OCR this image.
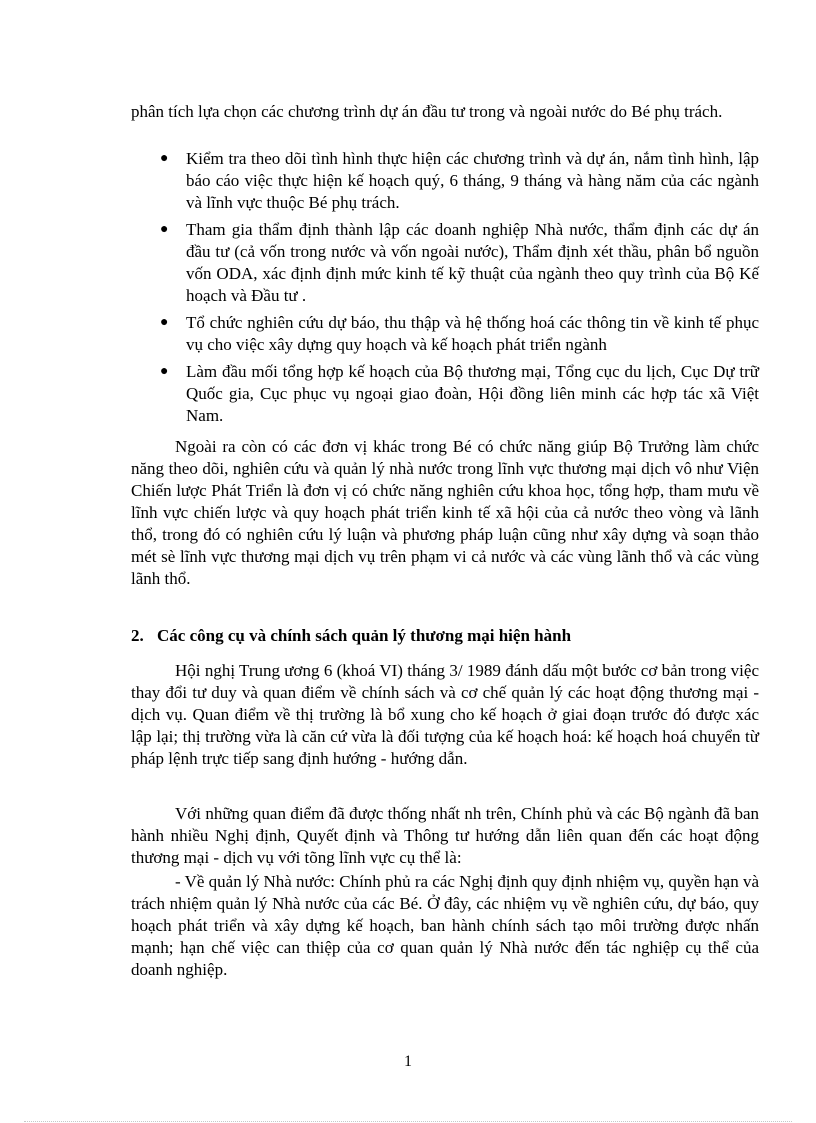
phân tích lựa chọn các chương trình dự án đầu tư trong và ngoài nước do Bé phụ trách.
● Kiểm tra theo dõi tình hình thực hiện các chương trình và dự án, nắm tình hình, lập báo cáo việc thực hiện kế hoạch quý, 6 tháng, 9 tháng và hàng năm của các ngành và lĩnh vực thuộc Bé phụ trách.
● Tham gia thẩm định thành lập các doanh nghiệp Nhà nước, thẩm định các dự án đầu tư (cả vốn trong nước và vốn ngoài nước), Thẩm định xét thầu, phân bổ nguồn vốn ODA, xác định định mức kinh tế kỹ thuật của ngành theo quy trình của Bộ Kế hoạch và Đầu tư .
● Tổ chức nghiên cứu dự báo, thu thập và hệ thống hoá các thông tin về kinh tế phục vụ cho việc xây dựng quy hoạch và kế hoạch phát triển ngành
● Làm đầu mối tổng hợp kế hoạch của Bộ thương mại, Tổng cục du lịch, Cục Dự trữ Quốc gia, Cục phục vụ ngoại giao đoàn, Hội đồng liên minh các hợp tác xã Việt Nam.
Ngoài ra còn có các đơn vị khác trong Bé có chức năng giúp Bộ Trưởng làm chức năng theo dõi, nghiên cứu và quản lý nhà nước trong lĩnh vực thương mại dịch vô như Viện Chiến lược Phát Triển là đơn vị có chức năng nghiên cứu khoa học, tổng hợp, tham mưu về lĩnh vực chiến lược và quy hoạch phát triển kinh tế xã hội của cả nước theo vòng và lãnh thổ, trong đó có nghiên cứu lý luận và phương pháp luận cũng như xây dựng và soạn thảo mét sè lĩnh vực thương mại dịch vụ trên phạm vi cả nước và các vùng lãnh thổ và các vùng lãnh thổ.
2. Các công cụ và chính sách quản lý thương mại hiện hành
Hội nghị Trung ương 6 (khoá VI) tháng 3/ 1989 đánh dấu một bước cơ bản trong việc thay đổi tư duy và quan điểm về chính sách và cơ chế quản lý các hoạt động thương mại - dịch vụ. Quan điểm về thị trường là bổ xung cho kế hoạch ở giai đoạn trước đó được xác lập lại; thị trường vừa là căn cứ vừa là đối tượng của kế hoạch hoá: kế hoạch hoá chuyển từ pháp lệnh trực tiếp sang định hướng - hướng dẫn.
Với những quan điểm đã được thống nhất nh trên, Chính phủ và các Bộ ngành đã ban hành nhiều Nghị định, Quyết định và Thông tư hướng dẫn liên quan đến các hoạt động thương mại - dịch vụ với tõng lĩnh vực cụ thể là:
- Về quản lý Nhà nước: Chính phủ ra các Nghị định quy định nhiệm vụ, quyền hạn và trách nhiệm quản lý Nhà nước của các Bé. Ở đây, các nhiệm vụ về nghiên cứu, dự báo, quy hoạch phát triển và xây dựng kế hoạch, ban hành chính sách tạo môi trường được nhấn mạnh; hạn chế việc can thiệp của cơ quan quản lý Nhà nước đến tác nghiệp cụ thể của doanh nghiệp.
1
